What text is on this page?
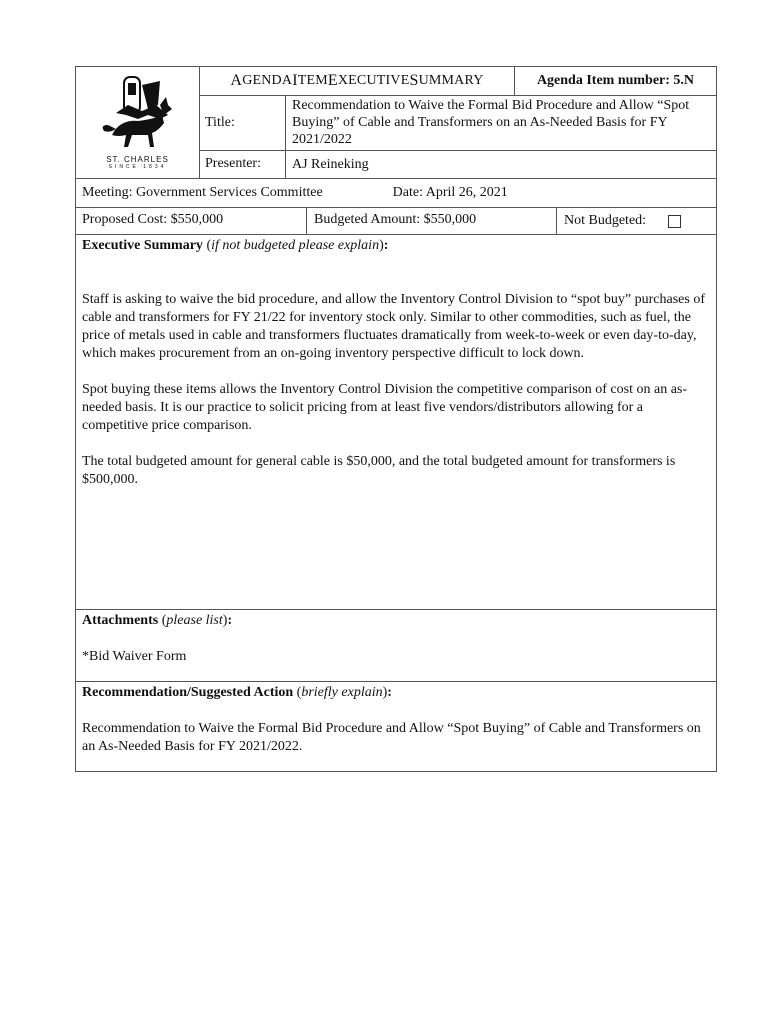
ST. CHARLES
SINCE 1834
A GENDA I TEM E XECUTIVE S UMMARY	Agenda Item number: 5.N
Title:
Recommendation to Waive the Formal Bid Procedure and Allow “Spot Buying” of Cable and Transformers on an As-Needed Basis for FY 2021/2022
Presenter:	AJ Reineking
Meeting: Government Services Committee	Date: April 26, 2021
Proposed Cost: $550,000	Budgeted Amount: $550,000	Not Budgeted:

Executive Summary (if not budgeted please explain):

Staff is asking to waive the bid procedure, and allow the Inventory Control Division to “spot buy” purchases of cable and transformers for FY 21/22 for inventory stock only. Similar to other commodities, such as fuel, the price of metals used in cable and transformers fluctuates dramatically from week-to-week or even day-to-day, which makes procurement from an on-going inventory perspective difficult to lock down.

Spot buying these items allows the Inventory Control Division the competitive comparison of cost on an as-needed basis. It is our practice to solicit pricing from at least five vendors/distributors allowing for a competitive price comparison.

The total budgeted amount for general cable is $50,000, and the total budgeted amount for transformers is $500,000.

Attachments (please list):

*Bid Waiver Form

Recommendation/Suggested Action (briefly explain):

Recommendation to Waive the Formal Bid Procedure and Allow “Spot Buying” of Cable and Transformers on an As-Needed Basis for FY 2021/2022.
